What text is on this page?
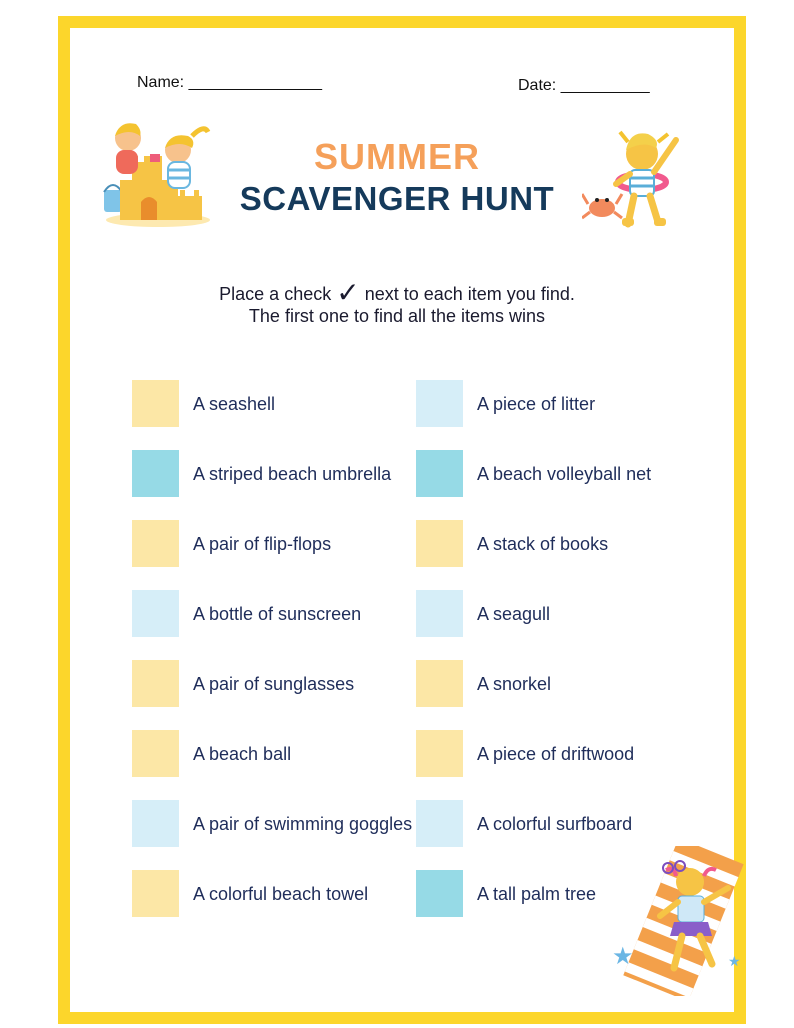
Name: _______________	Date: __________
SUMMER
SCAVENGER HUNT
Place a check ✓ next to each item you find.
The first one to find all the items wins
A seashell
A striped beach umbrella
A pair of flip-flops
A bottle of sunscreen
A pair of sunglasses
A beach ball
A pair of swimming goggles
A colorful beach towel
A piece of litter
A beach volleyball net
A stack of books
A seagull
A snorkel
A piece of driftwood
A colorful surfboard
A tall palm tree
★	★
